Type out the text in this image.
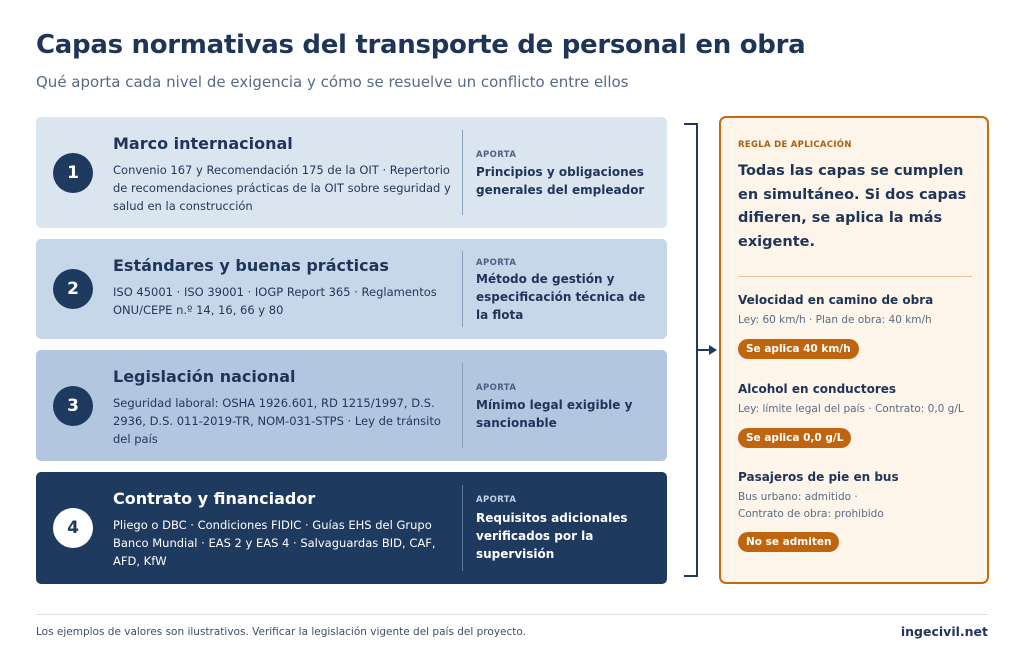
Capas normativas del transporte de personal en obra
Qué aporta cada nivel de exigencia y cómo se resuelve un conflicto entre ellos
1
Marco internacional
Convenio 167 y Recomendación 175 de la OIT · Repertorio de recomendaciones prácticas de la OIT sobre seguridad y salud en la construcción
APORTA
Principios y obligaciones generales del empleador
2
Estándares y buenas prácticas
ISO 45001 · ISO 39001 · IOGP Report 365 · Reglamentos ONU/CEPE n.º 14, 16, 66 y 80
APORTA
Método de gestión y especificación técnica de la flota
3
Legislación nacional
Seguridad laboral: OSHA 1926.601, RD 1215/1997, D.S. 2936, D.S. 011-2019-TR, NOM-031-STPS · Ley de tránsito del país
APORTA
Mínimo legal exigible y sancionable
4
Contrato y financiador
Pliego o DBC · Condiciones FIDIC · Guías EHS del Grupo Banco Mundial · EAS 2 y EAS 4 · Salvaguardas BID, CAF, AFD, KfW
APORTA
Requisitos adicionales verificados por la supervisión
REGLA DE APLICACIÓN
Todas las capas se cumplen en simultáneo. Si dos capas difieren, se aplica la más exigente.
Velocidad en camino de obra
Ley: 60 km/h · Plan de obra: 40 km/h
Se aplica 40 km/h
Alcohol en conductores
Ley: límite legal del país · Contrato: 0,0 g/L
Se aplica 0,0 g/L
Pasajeros de pie en bus
Bus urbano: admitido ·
Contrato de obra: prohibido
No se admiten
Los ejemplos de valores son ilustrativos. Verificar la legislación vigente del país del proyecto.	ingecivil.net
